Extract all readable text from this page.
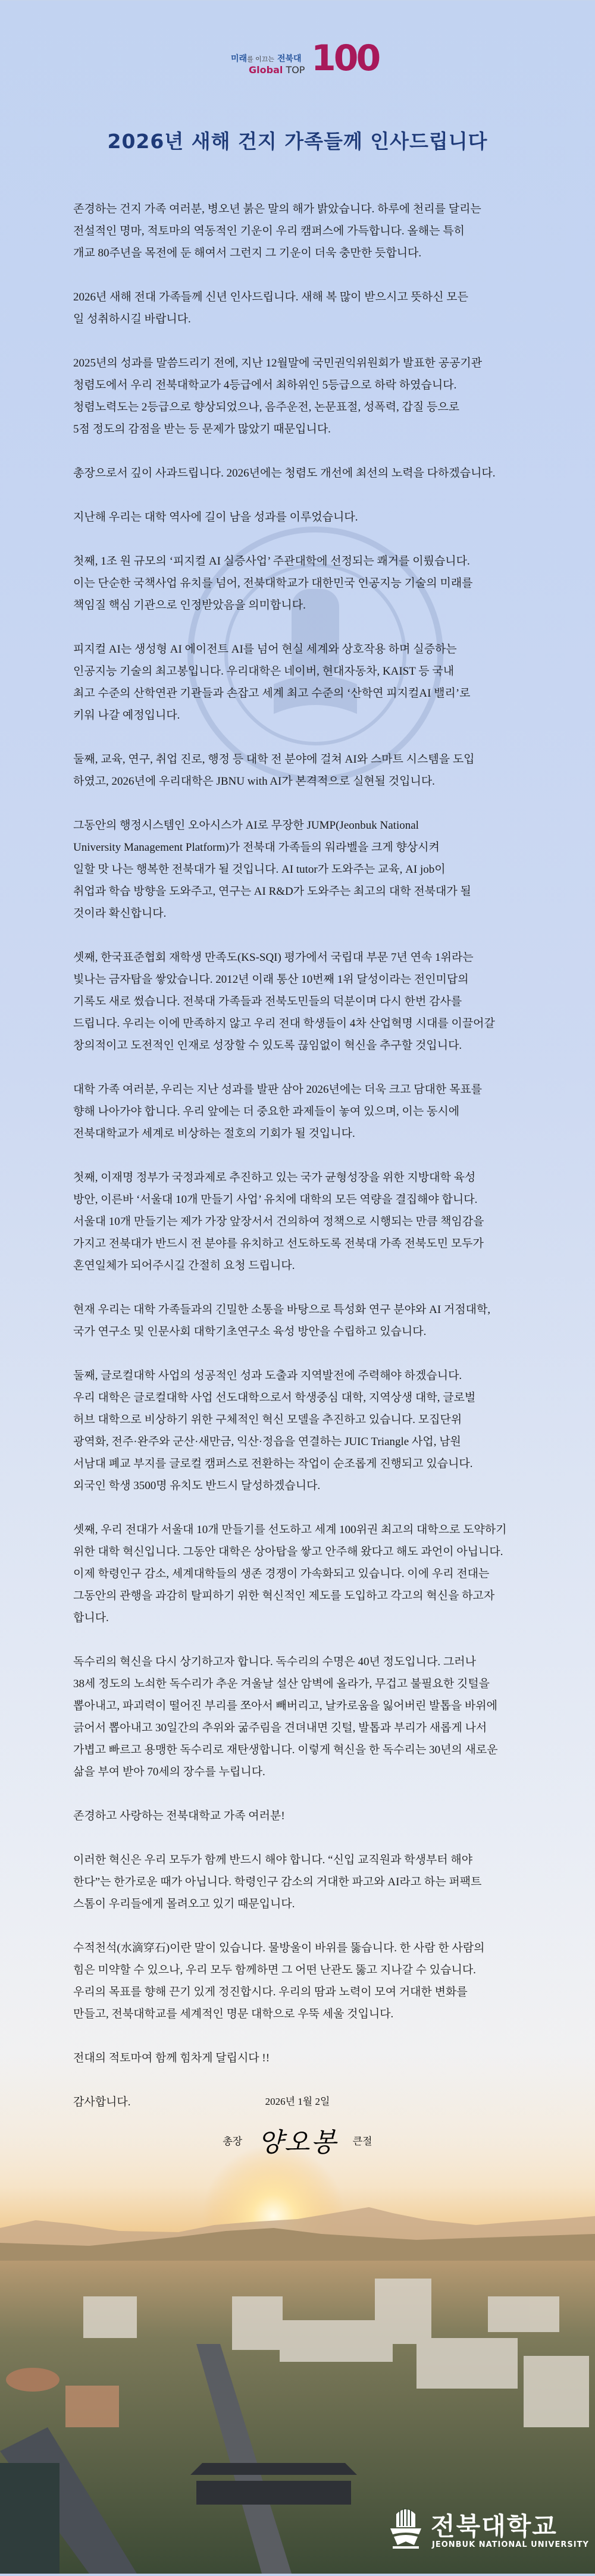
미래를 이끄는 전북대
Global TOP 100
2026년 새해 건지 가족들께 인사드립니다
존경하는 건지 가족 여러분, 병오년 붉은 말의 해가 밝았습니다. 하루에 천리를 달리는
전설적인 명마, 적토마의 역동적인 기운이 우리 캠퍼스에 가득합니다. 올해는 특히
개교 80주년을 목전에 둔 해여서 그런지 그 기운이 더욱 충만한 듯합니다.
2026년 새해 전대 가족들께 신년 인사드립니다. 새해 복 많이 받으시고 뜻하신 모든
일 성취하시길 바랍니다.
2025년의 성과를 말씀드리기 전에, 지난 12월말에 국민권익위원회가 발표한 공공기관
청렴도에서 우리 전북대학교가 4등급에서 최하위인 5등급으로 하락 하였습니다.
청렴노력도는 2등급으로 향상되었으나, 음주운전, 논문표절, 성폭력, 갑질 등으로
5점 정도의 감점을 받는 등 문제가 많았기 때문입니다.
총장으로서 깊이 사과드립니다. 2026년에는 청렴도 개선에 최선의 노력을 다하겠습니다.
지난해 우리는 대학 역사에 길이 남을 성과를 이루었습니다.
첫째, 1조 원 규모의 ‘피지컬 AI 실증사업’ 주관대학에 선정되는 쾌거를 이뤘습니다.
이는 단순한 국책사업 유치를 넘어, 전북대학교가 대한민국 인공지능 기술의 미래를
책임질 핵심 기관으로 인정받았음을 의미합니다.
피지컬 AI는 생성형 AI 에이전트 AI를 넘어 현실 세계와 상호작용 하며 실증하는
인공지능 기술의 최고봉입니다. 우리대학은 네이버, 현대자동차, KAIST 등 국내
최고 수준의 산학연관 기관들과 손잡고 세계 최고 수준의 ‘산학연 피지컬AI 밸리’로
키워 나갈 예정입니다.
둘째, 교육, 연구, 취업 진로, 행정 등 대학 전 분야에 걸쳐 AI와 스마트 시스템을 도입
하였고, 2026년에 우리대학은 JBNU with AI가 본격적으로 실현될 것입니다.
그동안의 행정시스템인 오아시스가 AI로 무장한 JUMP(Jeonbuk National
University Management Platform)가 전북대 가족들의 워라벨을 크게 향상시켜
일할 맛 나는 행복한 전북대가 될 것입니다. AI tutor가 도와주는 교육, AI job이
취업과 학습 방향을 도와주고, 연구는 AI R&D가 도와주는 최고의 대학 전북대가 될
것이라 확신합니다.
셋째, 한국표준협회 재학생 만족도(KS-SQI) 평가에서 국립대 부문 7년 연속 1위라는
빛나는 금자탑을 쌓았습니다. 2012년 이래 통산 10번째 1위 달성이라는 전인미답의
기록도 새로 썼습니다. 전북대 가족들과 전북도민들의 덕분이며 다시 한번 감사를
드립니다. 우리는 이에 만족하지 않고 우리 전대 학생들이 4차 산업혁명 시대를 이끌어갈
창의적이고 도전적인 인재로 성장할 수 있도록 끊임없이 혁신을 추구할 것입니다.
대학 가족 여러분, 우리는 지난 성과를 발판 삼아 2026년에는 더욱 크고 담대한 목표를
향해 나아가야 합니다. 우리 앞에는 더 중요한 과제들이 놓여 있으며, 이는 동시에
전북대학교가 세계로 비상하는 절호의 기회가 될 것입니다.
첫째, 이재명 정부가 국정과제로 추진하고 있는 국가 균형성장을 위한 지방대학 육성
방안, 이른바 ‘서울대 10개 만들기 사업’ 유치에 대학의 모든 역량을 결집해야 합니다.
서울대 10개 만들기는 제가 가장 앞장서서 건의하여 정책으로 시행되는 만큼 책임감을
가지고 전북대가 반드시 전 분야를 유치하고 선도하도록 전북대 가족 전북도민 모두가
혼연일체가 되어주시길 간절히 요청 드립니다.
현재 우리는 대학 가족들과의 긴밀한 소통을 바탕으로 특성화 연구 분야와 AI 거점대학,
국가 연구소 및 인문사회 대학기초연구소 육성 방안을 수립하고 있습니다.
둘째, 글로컬대학 사업의 성공적인 성과 도출과 지역발전에 주력해야 하겠습니다.
우리 대학은 글로컬대학 사업 선도대학으로서 학생중심 대학, 지역상생 대학, 글로벌
허브 대학으로 비상하기 위한 구체적인 혁신 모델을 추진하고 있습니다. 모집단위
광역화, 전주·완주와 군산·새만금, 익산·정읍을 연결하는 JUIC Triangle 사업, 남원
서남대 폐교 부지를 글로컬 캠퍼스로 전환하는 작업이 순조롭게 진행되고 있습니다.
외국인 학생 3500명 유치도 반드시 달성하겠습니다.
셋째, 우리 전대가 서울대 10개 만들기를 선도하고 세계 100위권 최고의 대학으로 도약하기
위한 대학 혁신입니다. 그동안 대학은 상아탑을 쌓고 안주해 왔다고 해도 과언이 아닙니다.
이제 학령인구 감소, 세계대학들의 생존 경쟁이 가속화되고 있습니다. 이에 우리 전대는
그동안의 관행을 과감히 탈피하기 위한 혁신적인 제도를 도입하고 각고의 혁신을 하고자
합니다.
독수리의 혁신을 다시 상기하고자 합니다. 독수리의 수명은 40년 정도입니다. 그러나
38세 정도의 노쇠한 독수리가 추운 겨울날 설산 암벽에 올라가, 무겁고 불필요한 깃털을
뽑아내고, 파괴력이 떨어진 부리를 쪼아서 빼버리고, 날카로움을 잃어버린 발톱을 바위에
긁어서 뽑아내고 30일간의 추위와 굶주림을 견뎌내면 깃털, 발톱과 부리가 새롭게 나서
가볍고 빠르고 용맹한 독수리로 재탄생합니다. 이렇게 혁신을 한 독수리는 30년의 새로운
삶을 부여 받아 70세의 장수를 누립니다.
존경하고 사랑하는 전북대학교 가족 여러분!
이러한 혁신은 우리 모두가 함께 반드시 해야 합니다. “신입 교직원과 학생부터 해야
한다”는 한가로운 때가 아닙니다. 학령인구 감소의 거대한 파고와 AI라고 하는 퍼팩트
스톰이 우리들에게 몰려오고 있기 때문입니다.
수적천석(水滴穿石)이란 말이 있습니다. 물방울이 바위를 뚫습니다. 한 사람 한 사람의
힘은 미약할 수 있으나, 우리 모두 함께하면 그 어떤 난관도 뚫고 지나갈 수 있습니다.
우리의 목표를 향해 끈기 있게 정진합시다. 우리의 땀과 노력이 모여 거대한 변화를
만들고, 전북대학교를 세계적인 명문 대학으로 우뚝 세울 것입니다.
전대의 적토마여 함께 힘차게 달립시다 !!
감사합니다.	2026년 1월 2일
총장 양오봉 큰절
전북대학교
JEONBUK NATIONAL UNIVERSITY
